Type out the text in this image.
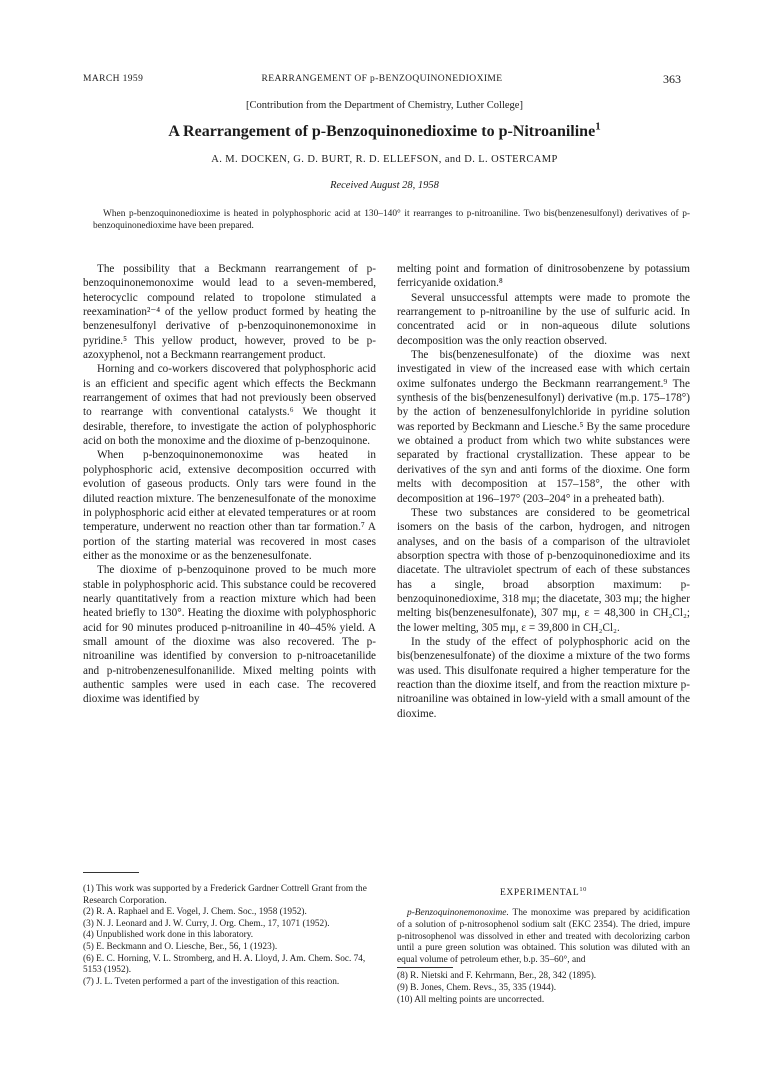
MARCH 1959	REARRANGEMENT OF p-BENZOQUINONEDIOXIME	363
[Contribution from the Department of Chemistry, Luther College]
A Rearrangement of p-Benzoquinonedioxime to p-Nitroaniline$^1$
A. M. DOCKEN, G. D. BURT, R. D. ELLEFSON, and D. L. OSTERCAMP
Received August 28, 1958
When p-benzoquinonedioxime is heated in polyphosphoric acid at 130–140° it rearranges to p-nitroaniline. Two bis(benzenesulfonyl) derivatives of p-benzoquinonedioxime have been prepared.

The possibility that a Beckmann rearrangement of p-benzoquinonemonoxime would lead to a seven-membered, heterocyclic compound related to tropolone stimulated a reexamination²⁻⁴ of the yellow product formed by heating the benzenesulfonyl derivative of p-benzoquinonemonoxime in pyridine.⁵ This yellow product, however, proved to be p-azoxyphenol, not a Beckmann rearrangement product.

Horning and co-workers discovered that polyphosphoric acid is an efficient and specific agent which effects the Beckmann rearrangement of oximes that had not previously been observed to rearrange with conventional catalysts.⁶ We thought it desirable, therefore, to investigate the action of polyphosphoric acid on both the monoxime and the dioxime of p-benzoquinone.

When p-benzoquinonemonoxime was heated in polyphosphoric acid, extensive decomposition occurred with evolution of gaseous products. Only tars were found in the diluted reaction mixture. The benzenesulfonate of the monoxime in polyphosphoric acid either at elevated temperatures or at room temperature, underwent no reaction other than tar formation.⁷ A portion of the starting material was recovered in most cases either as the monoxime or as the benzenesulfonate.

The dioxime of p-benzoquinone proved to be much more stable in polyphosphoric acid. This substance could be recovered nearly quantitatively from a reaction mixture which had been heated briefly to 130°. Heating the dioxime with polyphosphoric acid for 90 minutes produced p-nitroaniline in 40–45% yield. A small amount of the dioxime was also recovered. The p-nitroaniline was identified by conversion to p-nitroacetanilide and p-nitrobenzenesulfonanilide. Mixed melting points with authentic samples were used in each case. The recovered dioxime was identified by

melting point and formation of dinitrosobenzene by potassium ferricyanide oxidation.⁸

Several unsuccessful attempts were made to promote the rearrangement to p-nitroaniline by the use of sulfuric acid. In concentrated acid or in non-aqueous dilute solutions decomposition was the only reaction observed.

The bis(benzenesulfonate) of the dioxime was next investigated in view of the increased ease with which certain oxime sulfonates undergo the Beckmann rearrangement.⁹ The synthesis of the bis(benzenesulfonyl) derivative (m.p. 175–178°) by the action of benzenesulfonylchloride in pyridine solution was reported by Beckmann and Liesche.⁵ By the same procedure we obtained a product from which two white substances were separated by fractional crystallization. These appear to be derivatives of the syn and anti forms of the dioxime. One form melts with decomposition at 157–158°, the other with decomposition at 196–197° (203–204° in a preheated bath).

These two substances are considered to be geometrical isomers on the basis of the carbon, hydrogen, and nitrogen analyses, and on the basis of a comparison of the ultraviolet absorption spectra with those of p-benzoquinonedioxime and its diacetate. The ultraviolet spectrum of each of these substances has a single, broad absorption maximum: p-benzoquinonedioxime, 318 mμ; the diacetate, 303 mμ; the higher melting bis(benzenesulfonate), 307 mμ, ε = 48,300 in CH₂Cl₂; the lower melting, 305 mμ, ε = 39,800 in CH₂Cl₂.

In the study of the effect of polyphosphoric acid on the bis(benzenesulfonate) of the dioxime a mixture of the two forms was used. This disulfonate required a higher temperature for the reaction than the dioxime itself, and from the reaction mixture p-nitroaniline was obtained in low-yield with a small amount of the dioxime.

(1) This work was supported by a Frederick Gardner Cottrell Grant from the Research Corporation.
(2) R. A. Raphael and E. Vogel, J. Chem. Soc., 1958 (1952).
(3) N. J. Leonard and J. W. Curry, J. Org. Chem., 17, 1071 (1952).
(4) Unpublished work done in this laboratory.
(5) E. Beckmann and O. Liesche, Ber., 56, 1 (1923).
(6) E. C. Horning, V. L. Stromberg, and H. A. Lloyd, J. Am. Chem. Soc. 74, 5153 (1952).
(7) J. L. Tveten performed a part of the investigation of this reaction.
EXPERIMENTAL$^{10}$
p-Benzoquinonemonoxime. The monoxime was prepared by acidification of a solution of p-nitrosophenol sodium salt (EKC 2354). The dried, impure p-nitrosophenol was dissolved in ether and treated with decolorizing carbon until a pure green solution was obtained. This solution was diluted with an equal volume of petroleum ether, b.p. 35–60°, and
(8) R. Nietski and F. Kehrmann, Ber., 28, 342 (1895).
(9) B. Jones, Chem. Revs., 35, 335 (1944).
(10) All melting points are uncorrected.
